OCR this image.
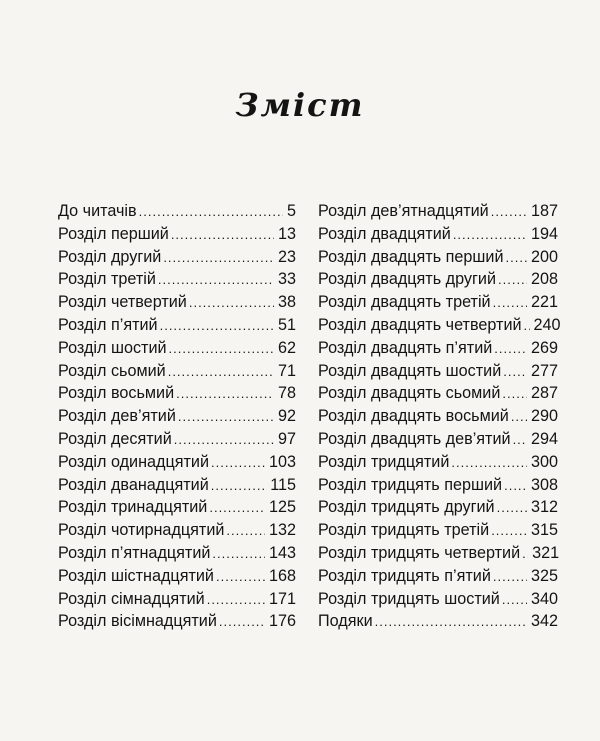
Зміст
До читачів .....	5
Розділ перший .....	13
Розділ другий .....	23
Розділ третій .....	33
Розділ четвертий .....	38
Розділ п’ятий .....	51
Розділ шостий .....	62
Розділ сьомий .....	71
Розділ восьмий .....	78
Розділ дев’ятий .....	92
Розділ десятий .....	97
Розділ одинадцятий .....	103
Розділ дванадцятий .....	115
Розділ тринадцятий .....	125
Розділ чотирнадцятий .....	132
Розділ п’ятнадцятий .....	143
Розділ шістнадцятий .....	168
Розділ сімнадцятий .....	171
Розділ вісімнадцятий .....	176
Розділ дев’ятнадцятий .....	187
Розділ двадцятий .....	194
Розділ двадцять перший ..... 200
Розділ двадцять другий ..... 208
Розділ двадцять третій ..... 221
Розділ двадцять четвертий ..... 240
Розділ двадцять п’ятий ..... 269
Розділ двадцять шостий ..... 277
Розділ двадцять сьомий ..... 287
Розділ двадцять восьмий ..... 290
Розділ двадцять дев’ятий ..... 294
Розділ тридцятий .....	300
Розділ тридцять перший ..... 308
Розділ тридцять другий ..... 312
Розділ тридцять третій .....	315
Розділ тридцять четвертий ..... 321
Розділ тридцять п’ятий ..... 325
Розділ тридцять шостий ..... 340
Подяки .....	342
